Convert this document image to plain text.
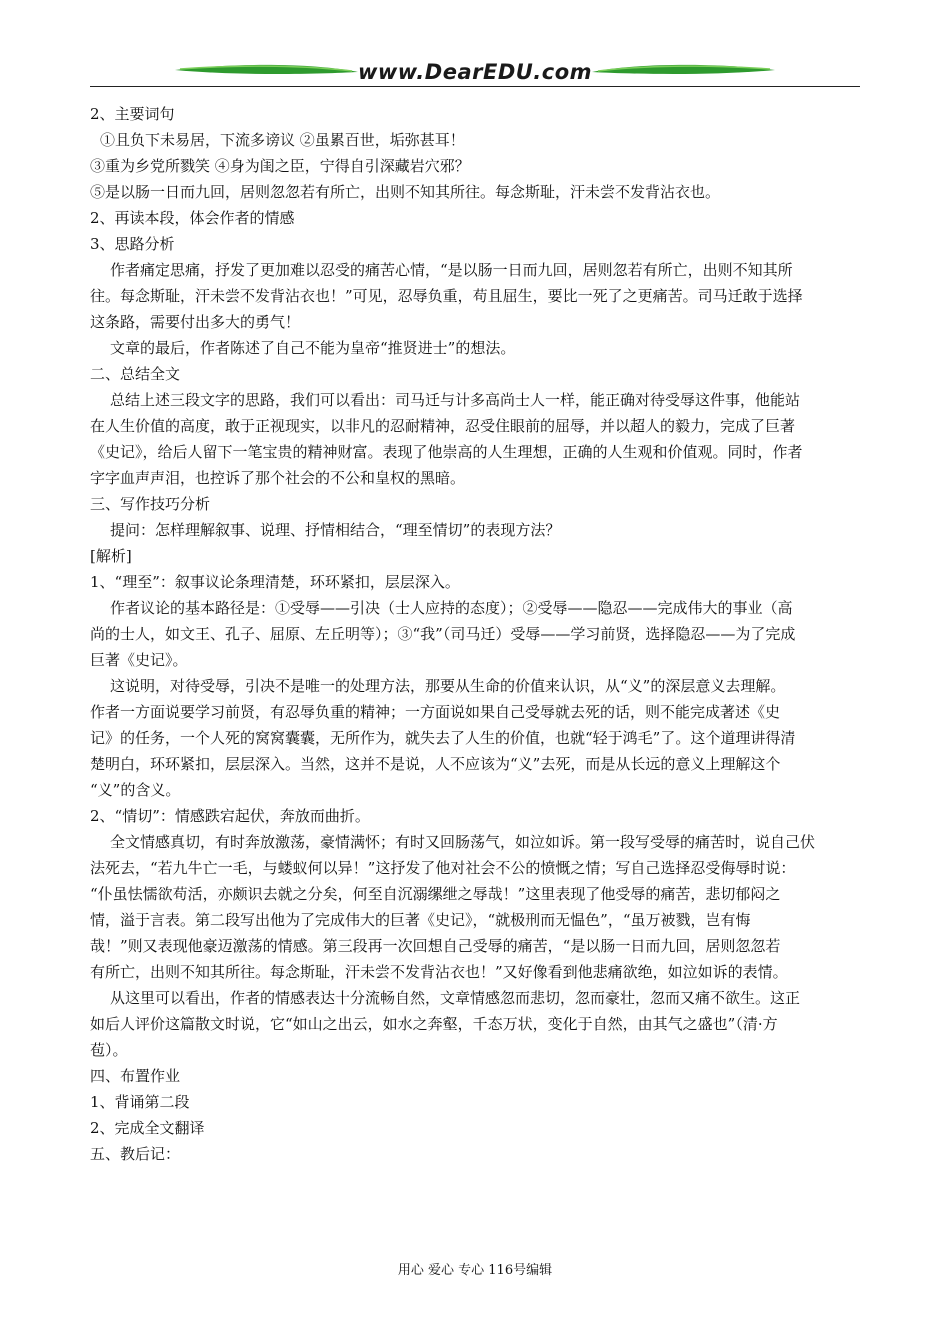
www.DearEDU.com
2、主要词句
①且负下未易居，下流多谤议 ②虽累百世，垢弥甚耳！
③重为乡党所戮笑 ④身为闺之臣，宁得自引深藏岩穴邪？
⑤是以肠一日而九回，居则忽忽若有所亡，出则不知其所往。每念斯耻，汗未尝不发背沾衣也。
2、再读本段，体会作者的情感
3、思路分析
作者痛定思痛，抒发了更加难以忍受的痛苦心情，“是以肠一日而九回，居则忽若有所亡，出则不知其所
往。每念斯耻，汗未尝不发背沾衣也！”可见，忍辱负重，苟且屈生，要比一死了之更痛苦。司马迁敢于选择
这条路，需要付出多大的勇气！
文章的最后，作者陈述了自己不能为皇帝“推贤进士”的想法。
二、总结全文
总结上述三段文字的思路，我们可以看出：司马迁与计多高尚士人一样，能正确对待受辱这件事，他能站
在人生价值的高度，敢于正视现实，以非凡的忍耐精神，忍受住眼前的屈辱，并以超人的毅力，完成了巨著
《史记》，给后人留下一笔宝贵的精神财富。表现了他崇高的人生理想，正确的人生观和价值观。同时，作者
字字血声声泪，也控诉了那个社会的不公和皇权的黑暗。
三、写作技巧分析
提问：怎样理解叙事、说理、抒情相结合，“理至情切”的表现方法？
[解析]
1、“理至”：叙事议论条理清楚，环环紧扣，层层深入。
作者议论的基本路径是：①受辱——引决（士人应持的态度）；②受辱——隐忍——完成伟大的事业（高
尚的士人，如文王、孔子、屈原、左丘明等）；③“我”（司马迁）受辱——学习前贤，选择隐忍——为了完成
巨著《史记》。
这说明，对待受辱，引决不是唯一的处理方法，那要从生命的价值来认识，从“义”的深层意义去理解。
作者一方面说要学习前贤，有忍辱负重的精神；一方面说如果自己受辱就去死的话，则不能完成著述《史
记》的任务，一个人死的窝窝囊囊，无所作为，就失去了人生的价值，也就“轻于鸿毛”了。这个道理讲得清
楚明白，环环紧扣，层层深入。当然，这并不是说，人不应该为“义”去死，而是从长远的意义上理解这个
“义”的含义。
2、“情切”：情感跌宕起伏，奔放而曲折。
全文情感真切，有时奔放激荡，豪情满怀；有时又回肠荡气，如泣如诉。第一段写受辱的痛苦时，说自己伏
法死去，“若九牛亡一毛，与蝼蚁何以异！”这抒发了他对社会不公的愤慨之情；写自己选择忍受侮辱时说：
“仆虽怯懦欲苟活，亦颇识去就之分矣，何至自沉溺缧绁之辱哉！”这里表现了他受辱的痛苦，悲切郁闷之
情，溢于言表。第二段写出他为了完成伟大的巨著《史记》，“就极刑而无愠色”，“虽万被戮，岂有悔
哉！”则又表现他豪迈激荡的情感。第三段再一次回想自己受辱的痛苦，“是以肠一日而九回，居则忽忽若
有所亡，出则不知其所往。每念斯耻，汗未尝不发背沾衣也！”又好像看到他悲痛欲绝，如泣如诉的表情。
从这里可以看出，作者的情感表达十分流畅自然，文章情感忽而悲切，忽而豪壮，忽而又痛不欲生。这正
如后人评价这篇散文时说，它“如山之出云，如水之奔壑，千态万状，变化于自然，由其气之盛也”（清·方
苞）。
四、布置作业
1、背诵第二段
2、完成全文翻译
五、教后记：
用心 爱心 专心 116号编辑
